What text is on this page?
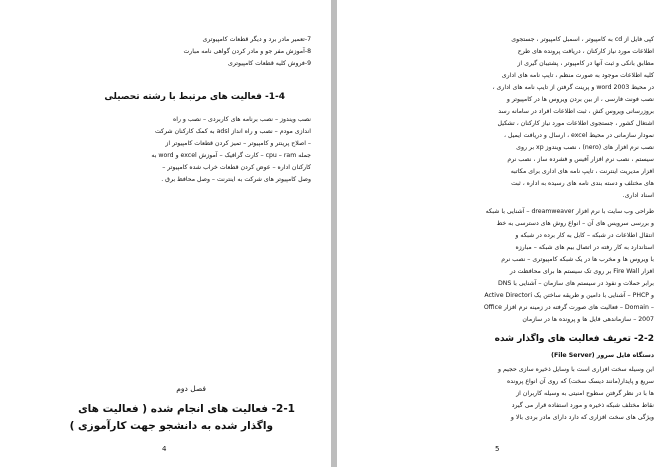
7-تعمیر مادر برد و دیگر قطعات کامپیوتری
8-آموزش مفر جو و مادر کردن گواهی نامه مبارت
9-فروش کلیه قطعات کامپیوتری
1-4- فعالیت های مرتبط با رشته تحصیلی
نصب ویندوز – نصب برنامه های کاربردی – نصب و راه
اندازی مودم – نصب و راه انداز adsl به کمک کارکنان شرکت
– اصلاح پرینتر و کامپیوتر – تمیز کردن قطعات کامپیوتر از
جمله cpu – ram – کارت گرافیک – آموزش excel و word به
کارکنان اداره – عوض کردن قطعات خراب شده کامپیوتر –
وصل کامپیوتر های شرکت به اینترنت – وصل محافظ برق .
فصل دوم
2-1- فعالیت های انجام شده ( فعالیت های
واگذار شده به دانشجو جهت کارآموزی )
4
کپی فایل از cd به کامپیوتر ، اسمبل کامپیوتر ، جستجوی
اطلاعات مورد نیاز کارکنان ، دریافت پرونده های طرح
مطابق بانکی و ثبت آنها در کامپیوتر ، پشتیبان گیری از
کلیه اطلاعات موجود به صورت منظم ، تایپ نامه های اداری
در محیط word 2003 و پرینت گرفتن از تایپ نامه های اداری ،
نصب فونت فارسی ، از بین بردن ویروس ها در کامپیوتر و
بروزرسانی ویروس کش ، ثبت اطلاعات افراد در سامانه رسد
اشتغال کشور ، جستجوی اطلاعات مورد نیاز کارکنان ، تشکیل
نمودار سازمانی در محیط excel ، ارسال و دریافت ایمیل ،
نصب نرم افزار های (nero) ، نصب ویندوز xp بر روی
سیستم ، نصب نرم افزار آفیس و فشرده ساز ، نصب نرم
افزار مدیریت اینترنت ، تایپ نامه های اداری برای مکاتبه
های مختلف و دسته بندی نامه های رسیده به اداره ، ثبت
اسناد اداری.
طراحی وب سایت با نرم افزار dreamweaver – آشنایی با شبکه
و بررسی سرویس های آن – انواع روش های دسترسی به خط
انتقال اطلاعات در شبکه – کابل به کار برده در شبکه و
استاندارد به کار رفته در اتصال بیم های شبکه – مبارزه
با ویروس ها و مخرب ها در یک شبکه کامپیوتری – نصب نرم
افزار Fire Wall بر روی تک سیستم ها برای محافظت در
برابر حملات و نفوذ در سیستم های سازمان – آشنایی با DNS
و PHCP – آشنایی با دامین و طریقه ساختن یک Active Directori
– Domain – فعالیت های صورت گرفته در زمینه نرم افزار Office
2007 – سازماندهی فایل ها و پرونده ها در سازمان
2-2- تعریف فعالیت های واگذار شده
دستگاه فایل سرور (File Server)
این وسیله سخت افزاری است با وسایل ذخیره سازی حجیم و
سریع و پایدار(مانند دیسک سخت) که روی آن انواع پرونده
ها با در نظر گرفتن سطوح امنیتی به وسیله کاربران از
نقاط مختلف شبکه ذخیره و مورد استفاده قرار می گیرد
ویژگی های سخت افزاری که دارد دارای مادر بردی بالا و
5
